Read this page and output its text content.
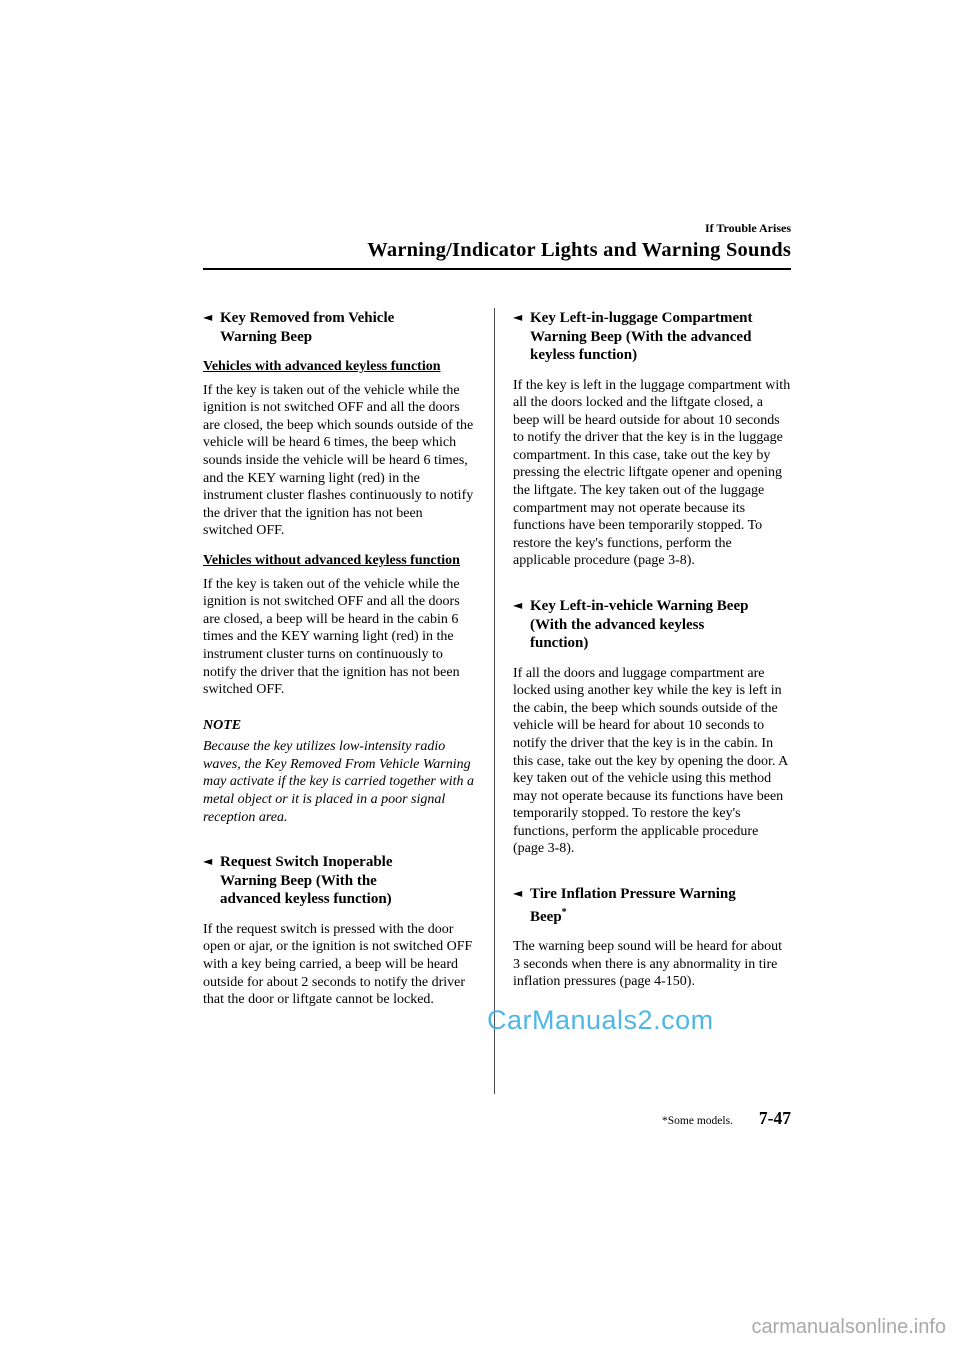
If Trouble Arises
Warning/Indicator Lights and Warning Sounds
◄ Key Removed from Vehicle Warning Beep
Vehicles with advanced keyless function

If the key is taken out of the vehicle while the ignition is not switched OFF and all the doors are closed, the beep which sounds outside of the vehicle will be heard 6 times, the beep which sounds inside the vehicle will be heard 6 times, and the KEY warning light (red) in the instrument cluster flashes continuously to notify the driver that the ignition has not been switched OFF.

Vehicles without advanced keyless function

If the key is taken out of the vehicle while the ignition is not switched OFF and all the doors are closed, a beep will be heard in the cabin 6 times and the KEY warning light (red) in the instrument cluster turns on continuously to notify the driver that the ignition has not been switched OFF.

NOTE

Because the key utilizes low-intensity radio waves, the Key Removed From Vehicle Warning may activate if the key is carried together with a metal object or it is placed in a poor signal reception area.

◄ Request Switch Inoperable Warning Beep (With the advanced keyless function)

If the request switch is pressed with the door open or ajar, or the ignition is not switched OFF with a key being carried, a beep will be heard outside for about 2 seconds to notify the driver that the door or liftgate cannot be locked.

◄ Key Left-in-luggage Compartment Warning Beep (With the advanced keyless function)

If the key is left in the luggage compartment with all the doors locked and the liftgate closed, a beep will be heard outside for about 10 seconds to notify the driver that the key is in the luggage compartment. In this case, take out the key by pressing the electric liftgate opener and opening the liftgate. The key taken out of the luggage compartment may not operate because its functions have been temporarily stopped. To restore the key's functions, perform the applicable procedure (page 3-8).

◄ Key Left-in-vehicle Warning Beep (With the advanced keyless function)

If all the doors and luggage compartment are locked using another key while the key is left in the cabin, the beep which sounds outside of the vehicle will be heard for about 10 seconds to notify the driver that the key is in the cabin. In this case, take out the key by opening the door. A key taken out of the vehicle using this method may not operate because its functions have been temporarily stopped. To restore the key's functions, perform the applicable procedure (page 3-8).

◄ Tire Inflation Pressure Warning Beep*

The warning beep sound will be heard for about 3 seconds when there is any abnormality in tire inflation pressures (page 4-150).

*Some models. 7-47
CarManuals2.com
carmanualsonline.info
